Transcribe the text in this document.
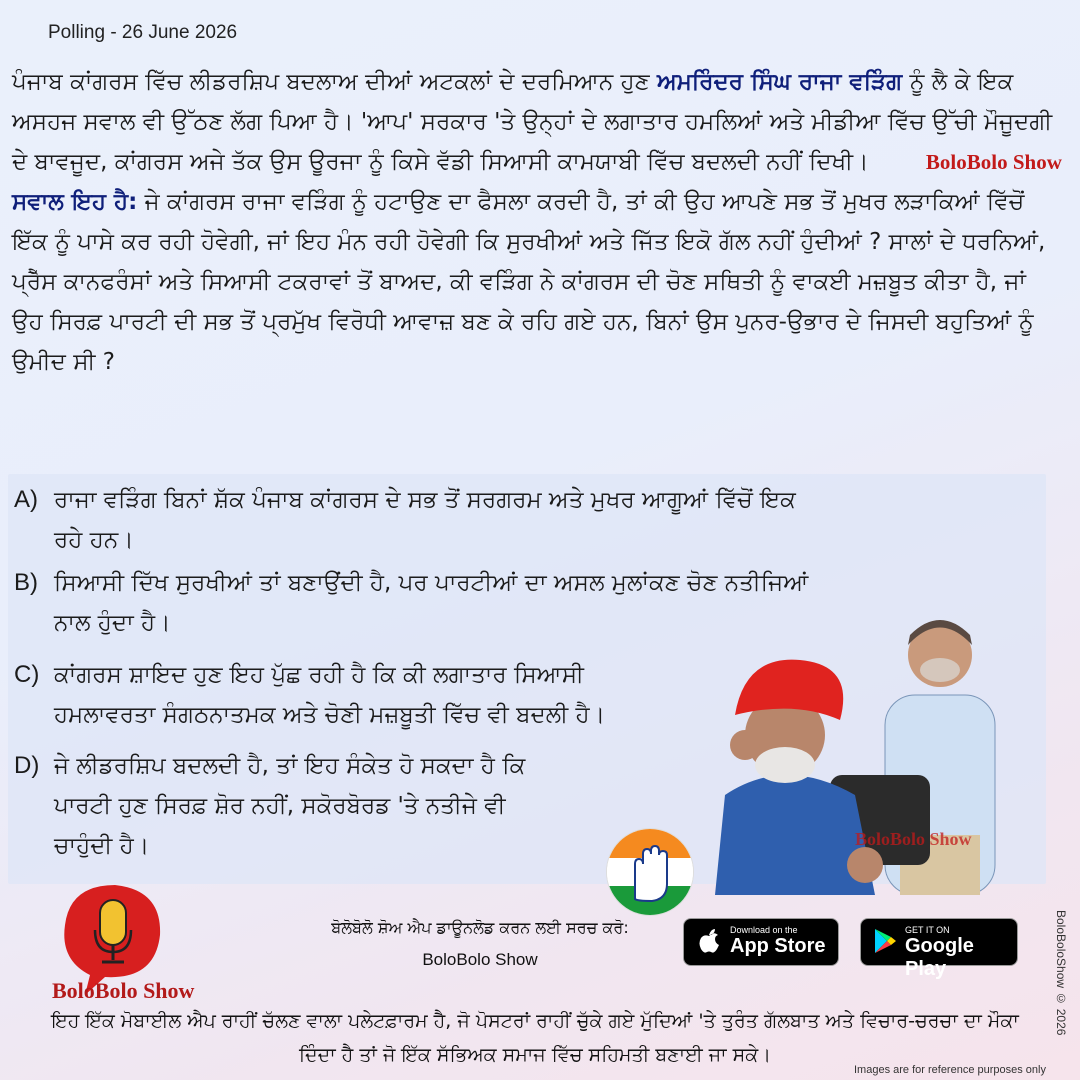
Polling - 26 June 2026
ਪੰਜਾਬ ਕਾਂਗਰਸ ਵਿੱਚ ਲੀਡਰਸ਼ਿਪ ਬਦਲਾਅ ਦੀਆਂ ਅਟਕਲਾਂ ਦੇ ਦਰਮਿਆਨ ਹੁਣ ਅਮਰਿੰਦਰ ਸਿੰਘ ਰਾਜਾ ਵੜਿੰਗ ਨੂੰ ਲੈ ਕੇ ਇਕ ਅਸਹਜ ਸਵਾਲ ਵੀ ਉੱਠਣ ਲੱਗ ਪਿਆ ਹੈ। 'ਆਪ' ਸਰਕਾਰ 'ਤੇ ਉਨ੍ਹਾਂ ਦੇ ਲਗਾਤਾਰ ਹਮਲਿਆਂ ਅਤੇ ਮੀਡੀਆ ਵਿੱਚ ਉੱਚੀ ਮੌਜੂਦਗੀ ਦੇ ਬਾਵਜੂਦ, ਕਾਂਗਰਸ ਅਜੇ ਤੱਕ ਉਸ ਊਰਜਾ ਨੂੰ ਕਿਸੇ ਵੱਡੀ ਸਿਆਸੀ ਕਾਮਯਾਬੀ ਵਿੱਚ ਬਦਲਦੀ ਨਹੀਂ ਦਿਖੀ।	BoloBolo Show
ਸਵਾਲ ਇਹ ਹੈ: ਜੇ ਕਾਂਗਰਸ ਰਾਜਾ ਵੜਿੰਗ ਨੂੰ ਹਟਾਉਣ ਦਾ ਫੈਸਲਾ ਕਰਦੀ ਹੈ, ਤਾਂ ਕੀ ਉਹ ਆਪਣੇ ਸਭ ਤੋਂ ਮੁਖਰ ਲੜਾਕਿਆਂ ਵਿੱਚੋਂ ਇੱਕ ਨੂੰ ਪਾਸੇ ਕਰ ਰਹੀ ਹੋਵੇਗੀ, ਜਾਂ ਇਹ ਮੰਨ ਰਹੀ ਹੋਵੇਗੀ ਕਿ ਸੁਰਖੀਆਂ ਅਤੇ ਜਿੱਤ ਇਕੋ ਗੱਲ ਨਹੀਂ ਹੁੰਦੀਆਂ ? ਸਾਲਾਂ ਦੇ ਧਰਨਿਆਂ, ਪ੍ਰੈੱਸ ਕਾਨਫਰੰਸਾਂ ਅਤੇ ਸਿਆਸੀ ਟਕਰਾਵਾਂ ਤੋਂ ਬਾਅਦ, ਕੀ ਵੜਿੰਗ ਨੇ ਕਾਂਗਰਸ ਦੀ ਚੋਣ ਸਥਿਤੀ ਨੂੰ ਵਾਕਈ ਮਜ਼ਬੂਤ ਕੀਤਾ ਹੈ, ਜਾਂ ਉਹ ਸਿਰਫ਼ ਪਾਰਟੀ ਦੀ ਸਭ ਤੋਂ ਪ੍ਰਮੁੱਖ ਵਿਰੋਧੀ ਆਵਾਜ਼ ਬਣ ਕੇ ਰਹਿ ਗਏ ਹਨ, ਬਿਨਾਂ ਉਸ ਪੁਨਰ-ਉਭਾਰ ਦੇ ਜਿਸਦੀ ਬਹੁਤਿਆਂ ਨੂੰ ਉਮੀਦ ਸੀ ?
A) ਰਾਜਾ ਵੜਿੰਗ ਬਿਨਾਂ ਸ਼ੱਕ ਪੰਜਾਬ ਕਾਂਗਰਸ ਦੇ ਸਭ ਤੋਂ ਸਰਗਰਮ ਅਤੇ ਮੁਖਰ ਆਗੂਆਂ ਵਿੱਚੋਂ ਇਕ
ਰਹੇ ਹਨ।
B) ਸਿਆਸੀ ਦਿੱਖ ਸੁਰਖੀਆਂ ਤਾਂ ਬਣਾਉਂਦੀ ਹੈ, ਪਰ ਪਾਰਟੀਆਂ ਦਾ ਅਸਲ ਮੁਲਾਂਕਣ ਚੋਣ ਨਤੀਜਿਆਂ
ਨਾਲ ਹੁੰਦਾ ਹੈ।
C) ਕਾਂਗਰਸ ਸ਼ਾਇਦ ਹੁਣ ਇਹ ਪੁੱਛ ਰਹੀ ਹੈ ਕਿ ਕੀ ਲਗਾਤਾਰ ਸਿਆਸੀ
ਹਮਲਾਵਰਤਾ ਸੰਗਠਨਾਤਮਕ ਅਤੇ ਚੋਣੀ ਮਜ਼ਬੂਤੀ ਵਿੱਚ ਵੀ ਬਦਲੀ ਹੈ।
D) ਜੇ ਲੀਡਰਸ਼ਿਪ ਬਦਲਦੀ ਹੈ, ਤਾਂ ਇਹ ਸੰਕੇਤ ਹੋ ਸਕਦਾ ਹੈ ਕਿ
ਪਾਰਟੀ ਹੁਣ ਸਿਰਫ਼ ਸ਼ੋਰ ਨਹੀਂ, ਸਕੋਰਬੋਰਡ 'ਤੇ ਨਤੀਜੇ ਵੀ
ਚਾਹੁੰਦੀ ਹੈ।	BoloBolo Show
BoloBolo Show
ਬੋਲੋਬੋਲੋ ਸ਼ੋਅ ਐਪ ਡਾਊਨਲੋਡ ਕਰਨ ਲਈ ਸਰਚ ਕਰੋ:
BoloBolo Show
Download on the
App Store
GET IT ON
Google Play
ਇਹ ਇੱਕ ਮੋਬਾਈਲ ਐਪ ਰਾਹੀਂ ਚੱਲਣ ਵਾਲਾ ਪਲੇਟਫ਼ਾਰਮ ਹੈ, ਜੋ ਪੋਸਟਰਾਂ ਰਾਹੀਂ ਚੁੱਕੇ ਗਏ ਮੁੱਦਿਆਂ 'ਤੇ ਤੁਰੰਤ ਗੱਲਬਾਤ ਅਤੇ ਵਿਚਾਰ-ਚਰਚਾ ਦਾ ਮੌਕਾ ਦਿੰਦਾ ਹੈ ਤਾਂ ਜੋ ਇੱਕ ਸੱਭਿਅਕ ਸਮਾਜ ਵਿੱਚ ਸਹਿਮਤੀ ਬਣਾਈ ਜਾ ਸਕੇ।
BoloBoloShow © 2026
Images are for reference purposes only
